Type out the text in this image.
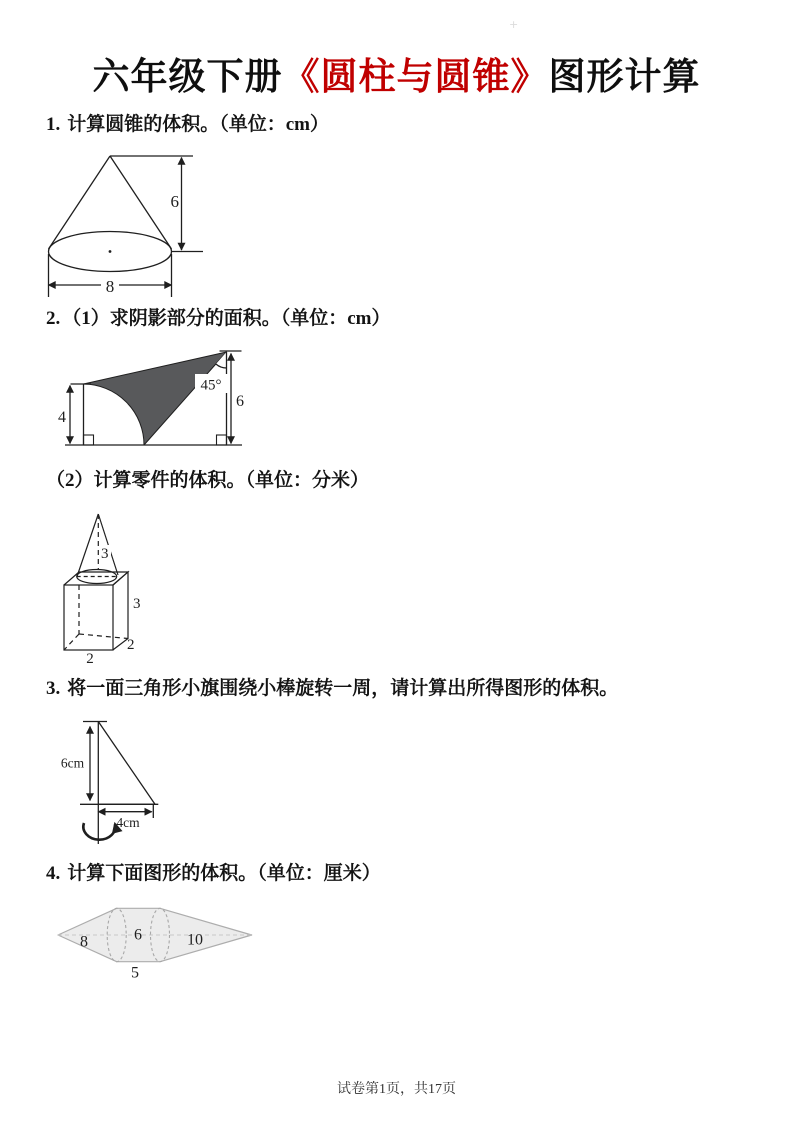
+
六年级下册《圆柱与圆锥》图形计算

1. 计算圆锥的体积。（单位：cm）

6
8

2. （1）求阴影部分的面积。（单位：cm）

45°
4
6

（2）计算零件的体积。（单位：分米）

3
3
2
2

3. 将一面三角形小旗围绕小棒旋转一周，请计算出所得图形的体积。

6cm
4cm

4. 计算下面图形的体积。（单位：厘米）

8	6	10
5
试卷第1页，共17页
